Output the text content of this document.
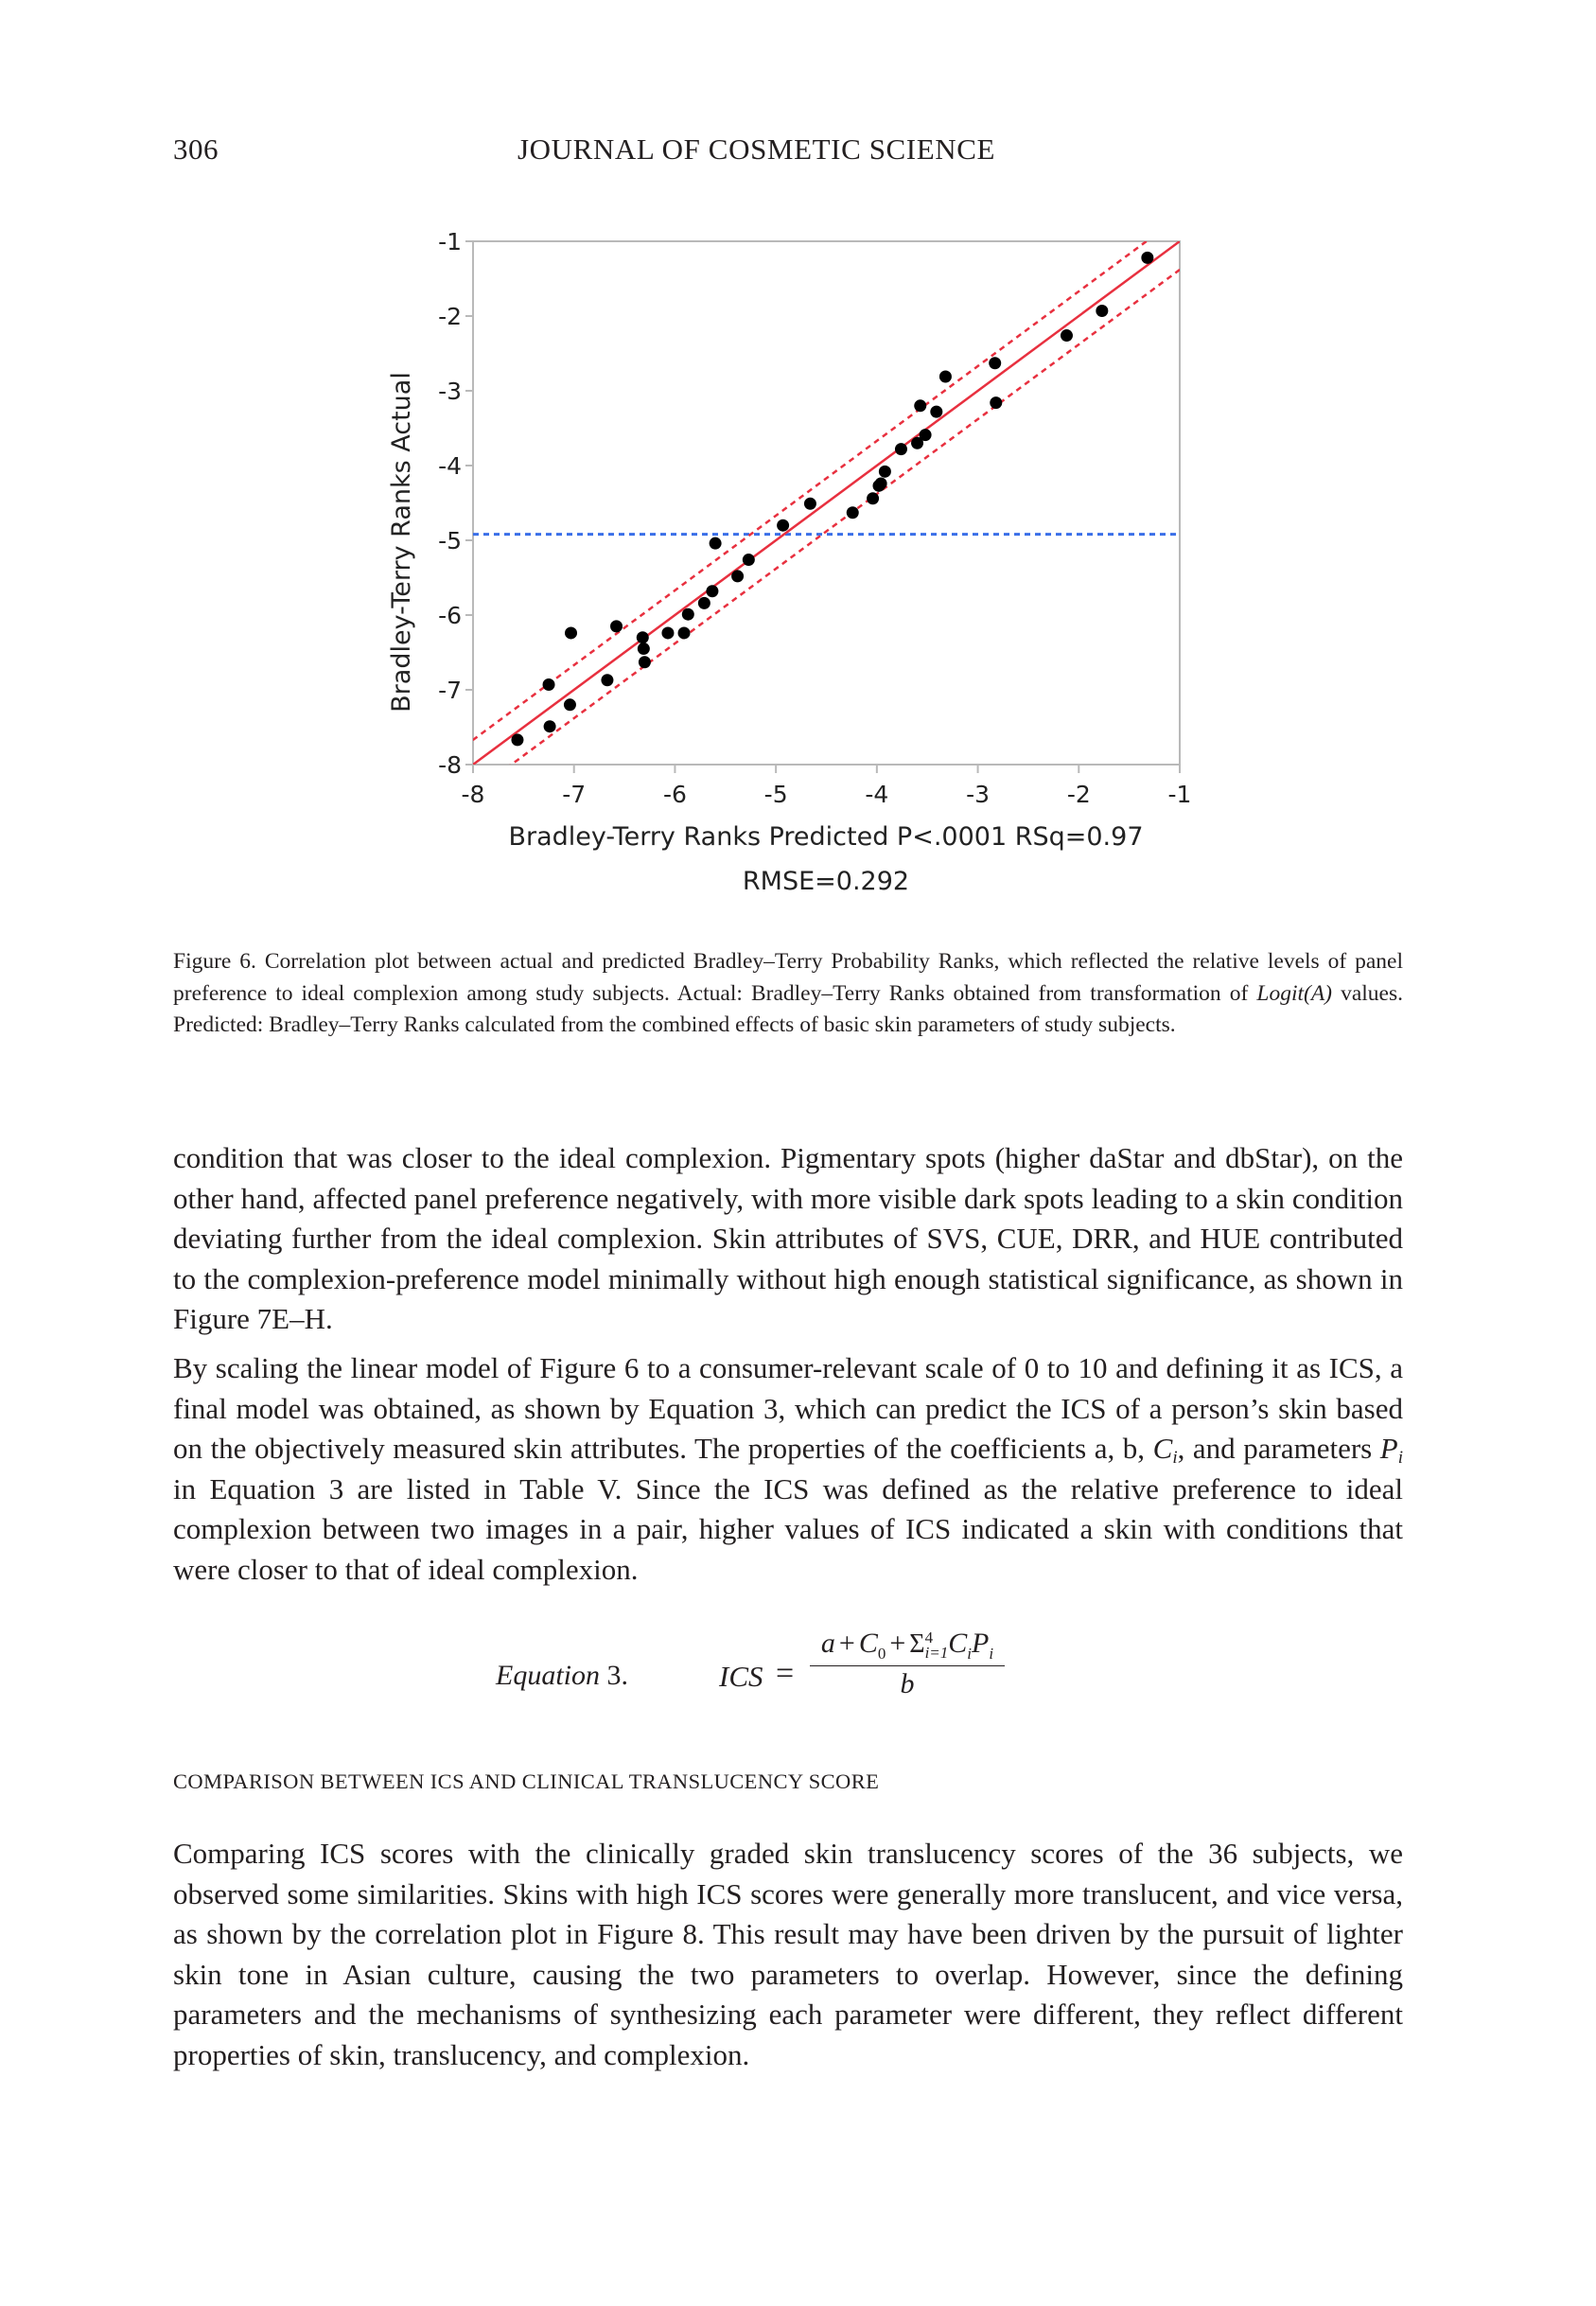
306	JOURNAL OF COSMETIC SCIENCE
-8	-7	-6	-5	-4	-3	-2	-1
-1
-2
-3
-4
-5
-6
-7
-8
Bradley-Terry Ranks Actual
Bradley-Terry Ranks Predicted P<.0001 RSq=0.97
RMSE=0.292
Figure 6. Correlation plot between actual and predicted Bradley–Terry Probability Ranks, which reflected the relative levels of panel preference to ideal complexion among study subjects. Actual: Bradley–Terry Ranks obtained from transformation of Logit(A) values. Predicted: Bradley–Terry Ranks calculated from the combined effects of basic skin parameters of study subjects.
condition that was closer to the ideal complexion. Pigmentary spots (higher daStar and dbStar), on the other hand, affected panel preference negatively, with more visible dark spots leading to a skin condition deviating further from the ideal complexion. Skin attributes of SVS, CUE, DRR, and HUE contributed to the complexion-preference model minimally without high enough statistical significance, as shown in Figure 7E–H.
By scaling the linear model of Figure 6 to a consumer-relevant scale of 0 to 10 and defining it as ICS, a final model was obtained, as shown by Equation 3, which can predict the ICS of a person’s skin based on the objectively measured skin attributes. The properties of the coefficients a, b, $C_i$, and parameters $P_i$ in Equation 3 are listed in Table V. Since the ICS was defined as the relative preference to ideal complexion between two images in a pair, higher values of ICS indicated a skin with conditions that were closer to that of ideal complexion.
Equation 3.	ICS =
$a + C_0 + \Sigma 4$
$i=1C_iP_i$
b
COMPARISON BETWEEN ICS AND CLINICAL TRANSLUCENCY SCORE
Comparing ICS scores with the clinically graded skin translucency scores of the 36 subjects, we observed some similarities. Skins with high ICS scores were generally more translucent, and vice versa, as shown by the correlation plot in Figure 8. This result may have been driven by the pursuit of lighter skin tone in Asian culture, causing the two parameters to overlap. However, since the defining parameters and the mechanisms of synthesizing each parameter were different, they reflect different properties of skin, translucency, and complexion.
